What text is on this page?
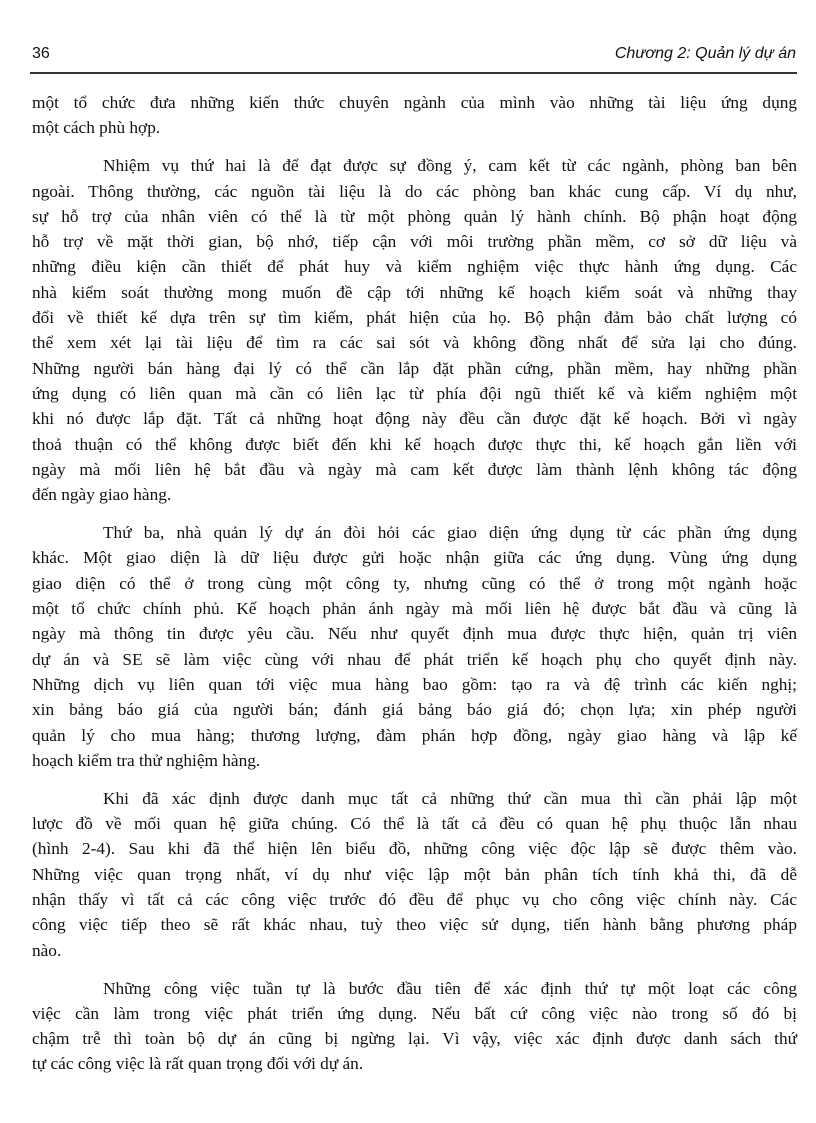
36	Chương 2: Quản lý dự án
một tổ chức đưa những kiến thức chuyên ngành của mình vào những tài liệu ứng dụng
một cách phù hợp.
Nhiệm vụ thứ hai là để đạt được sự đồng ý, cam kết từ các ngành, phòng ban bên
ngoài. Thông thường, các nguồn tài liệu là do các phòng ban khác cung cấp. Ví dụ như,
sự hỗ trợ của nhân viên có thể là từ một phòng quản lý hành chính. Bộ phận hoạt động
hỗ trợ về mặt thời gian, bộ nhớ, tiếp cận với môi trường phần mềm, cơ sở dữ liệu và
những điều kiện cần thiết để phát huy và kiểm nghiệm việc thực hành ứng dụng. Các
nhà kiểm soát thường mong muốn đề cập tới những kế hoạch kiểm soát và những thay
đổi về thiết kế dựa trên sự tìm kiếm, phát hiện của họ. Bộ phận đảm bảo chất lượng có
thể xem xét lại tài liệu để tìm ra các sai sót và không đồng nhất để sửa lại cho đúng.
Những người bán hàng đại lý có thể cần lắp đặt phần cứng, phần mềm, hay những phần
ứng dụng có liên quan mà cần có liên lạc từ phía đội ngũ thiết kế và kiểm nghiệm một
khi nó được lắp đặt. Tất cả những hoạt động này đều cần được đặt kế hoạch. Bởi vì ngày
thoả thuận có thể không được biết đến khi kế hoạch được thực thi, kế hoạch gắn liền với
ngày mà mối liên hệ bắt đầu và ngày mà cam kết được làm thành lệnh không tác động
đến ngày giao hàng.
Thứ ba, nhà quản lý dự án đòi hỏi các giao diện ứng dụng từ các phần ứng dụng
khác. Một giao diện là dữ liệu được gửi hoặc nhận giữa các ứng dụng. Vùng ứng dụng
giao diện có thể ở trong cùng một công ty, nhưng cũng có thể ở trong một ngành hoặc
một tổ chức chính phủ. Kế hoạch phản ánh ngày mà mối liên hệ được bắt đầu và cũng là
ngày mà thông tin được yêu cầu. Nếu như quyết định mua được thực hiện, quản trị viên
dự án và SE sẽ làm việc cùng với nhau để phát triển kế hoạch phụ cho quyết định này.
Những dịch vụ liên quan tới việc mua hàng bao gồm: tạo ra và đệ trình các kiến nghị;
xin bảng báo giá của người bán; đánh giá bảng báo giá đó; chọn lựa; xin phép người
quản lý cho mua hàng; thương lượng, đàm phán hợp đồng, ngày giao hàng và lập kế
hoạch kiểm tra thử nghiệm hàng.
Khi đã xác định được danh mục tất cả những thứ cần mua thì cần phải lập một
lược đồ về mối quan hệ giữa chúng. Có thể là tất cả đều có quan hệ phụ thuộc lẫn nhau
(hình 2-4). Sau khi đã thể hiện lên biểu đồ, những công việc độc lập sẽ được thêm vào.
Những việc quan trọng nhất, ví dụ như việc lập một bản phân tích tính khả thi, đã dễ
nhận thấy vì tất cả các công việc trước đó đều để phục vụ cho công việc chính này. Các
công việc tiếp theo sẽ rất khác nhau, tuỳ theo việc sử dụng, tiến hành bằng phương pháp
nào.
Những công việc tuần tự là bước đầu tiên để xác định thứ tự một loạt các công
việc cần làm trong việc phát triển ứng dụng. Nếu bất cứ công việc nào trong số đó bị
chậm trễ thì toàn bộ dự án cũng bị ngừng lại. Vì vậy, việc xác định được danh sách thứ
tự các công việc là rất quan trọng đối với dự án.
